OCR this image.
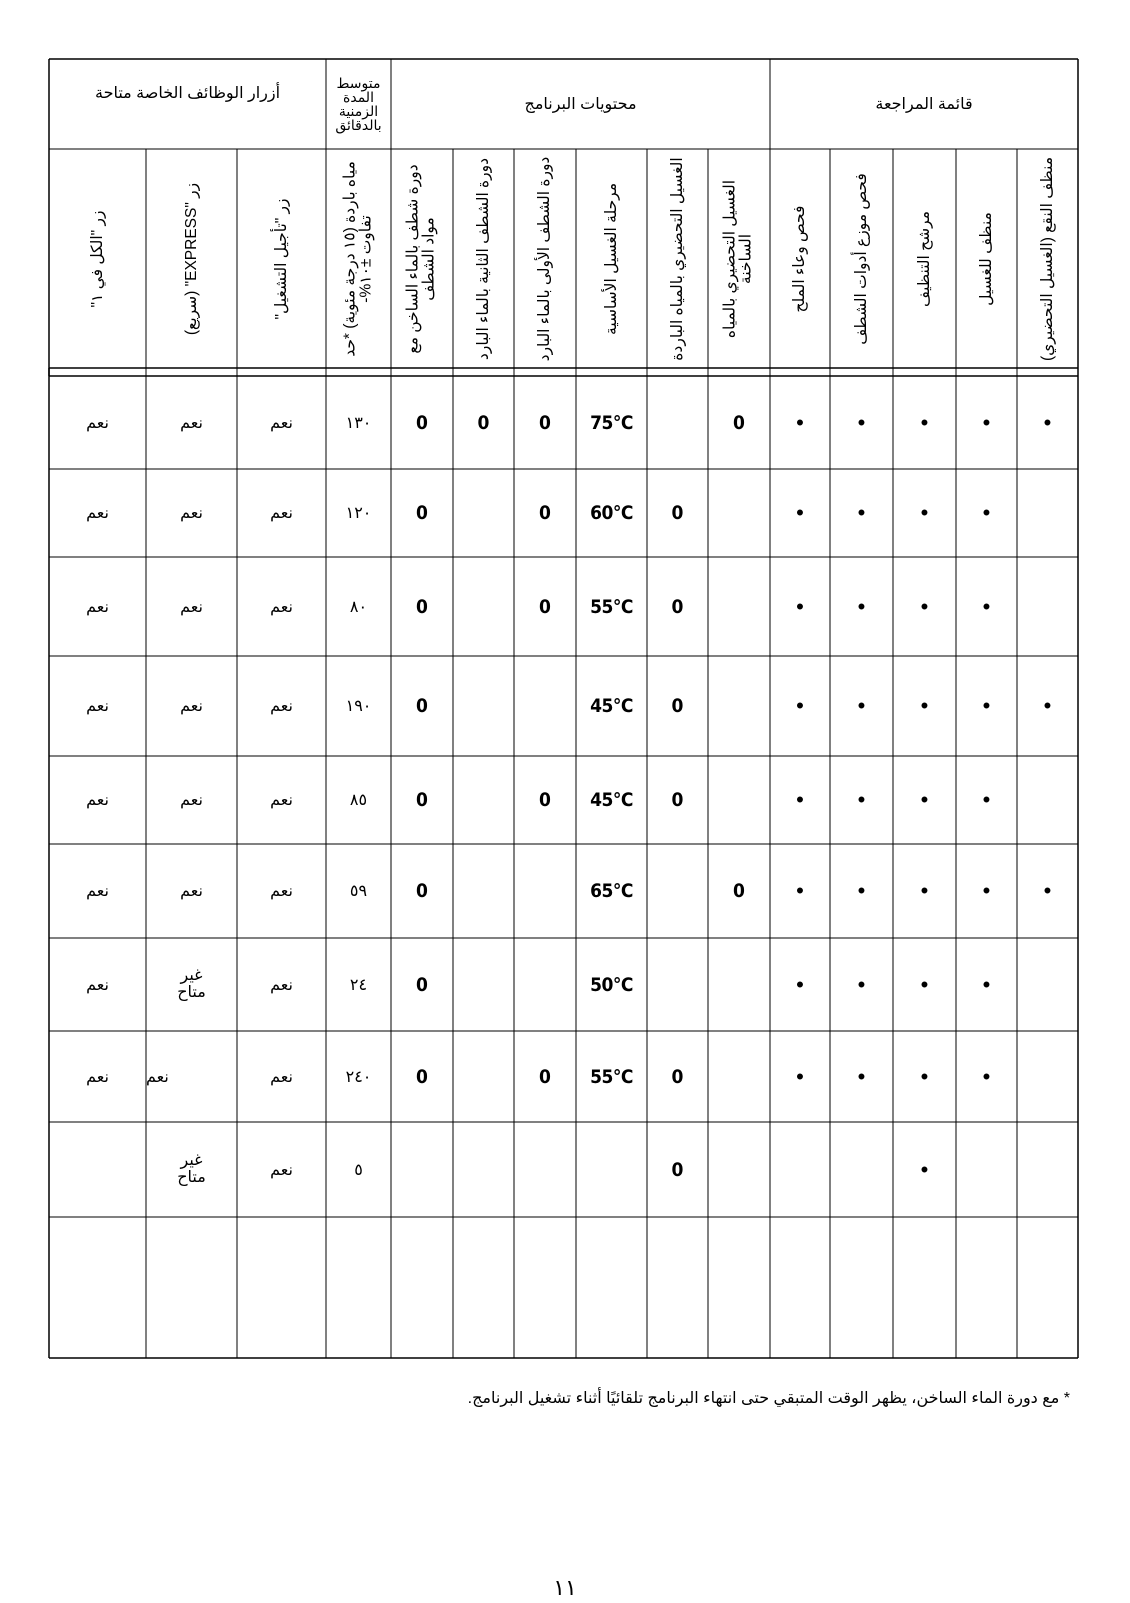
قائمة المراجعة
محتويات البرنامج
متوسط المدة الزمنية بالدقائق
أزرار الوظائف الخاصة متاحة
منظف النقع (الغسيل التحضيري)
منظف للغسيل
مرشح التنظيف
فحص موزع أدوات الشطف
فحص وعاء الملح
الغسيل التحضيري بالمياه الساخنة
الغسيل التحضيري بالمياه الباردة
مرحلة الغسيل الأساسية
دورة الشطف الأولى بالماء البارد
دورة الشطف الثانية بالماء البارد
دورة شطف بالماء الساخن مع مواد الشطف
مياه باردة (١٥ درجة مئوية) *حد تفاوت ±١٠%-
زر "تأجيل التشغيل"
زر "EXPRESS" (سريع)
زر "الكل في ١"
•
•
•
•
•
0
75°C
0
0
0
١٣٠
نعم
نعم
نعم
•
•
•
•
0
60°C
0
0
١٢٠
نعم
نعم
نعم
•
•
•
•
0
55°C
0
0
٨٠
نعم
نعم
نعم
•
•
•
•
•
0
45°C
0
١٩٠
نعم
نعم
نعم
•
•
•
•
0
45°C
0
0
٨٥
نعم
نعم
نعم
•
•
•
•
•
0
65°C
0
٥٩
نعم
نعم
نعم
•
•
•
•
50°C
0
٢٤
نعم
غير متاح
نعم
•
•
•
•
0
55°C
0
0
٢٤٠
نعم
نعم
نعم
•
0
٥
نعم
غير متاح
* مع دورة الماء الساخن، يظهر الوقت المتبقي حتى انتهاء البرنامج تلقائيًا أثناء تشغيل البرنامج.
١١
